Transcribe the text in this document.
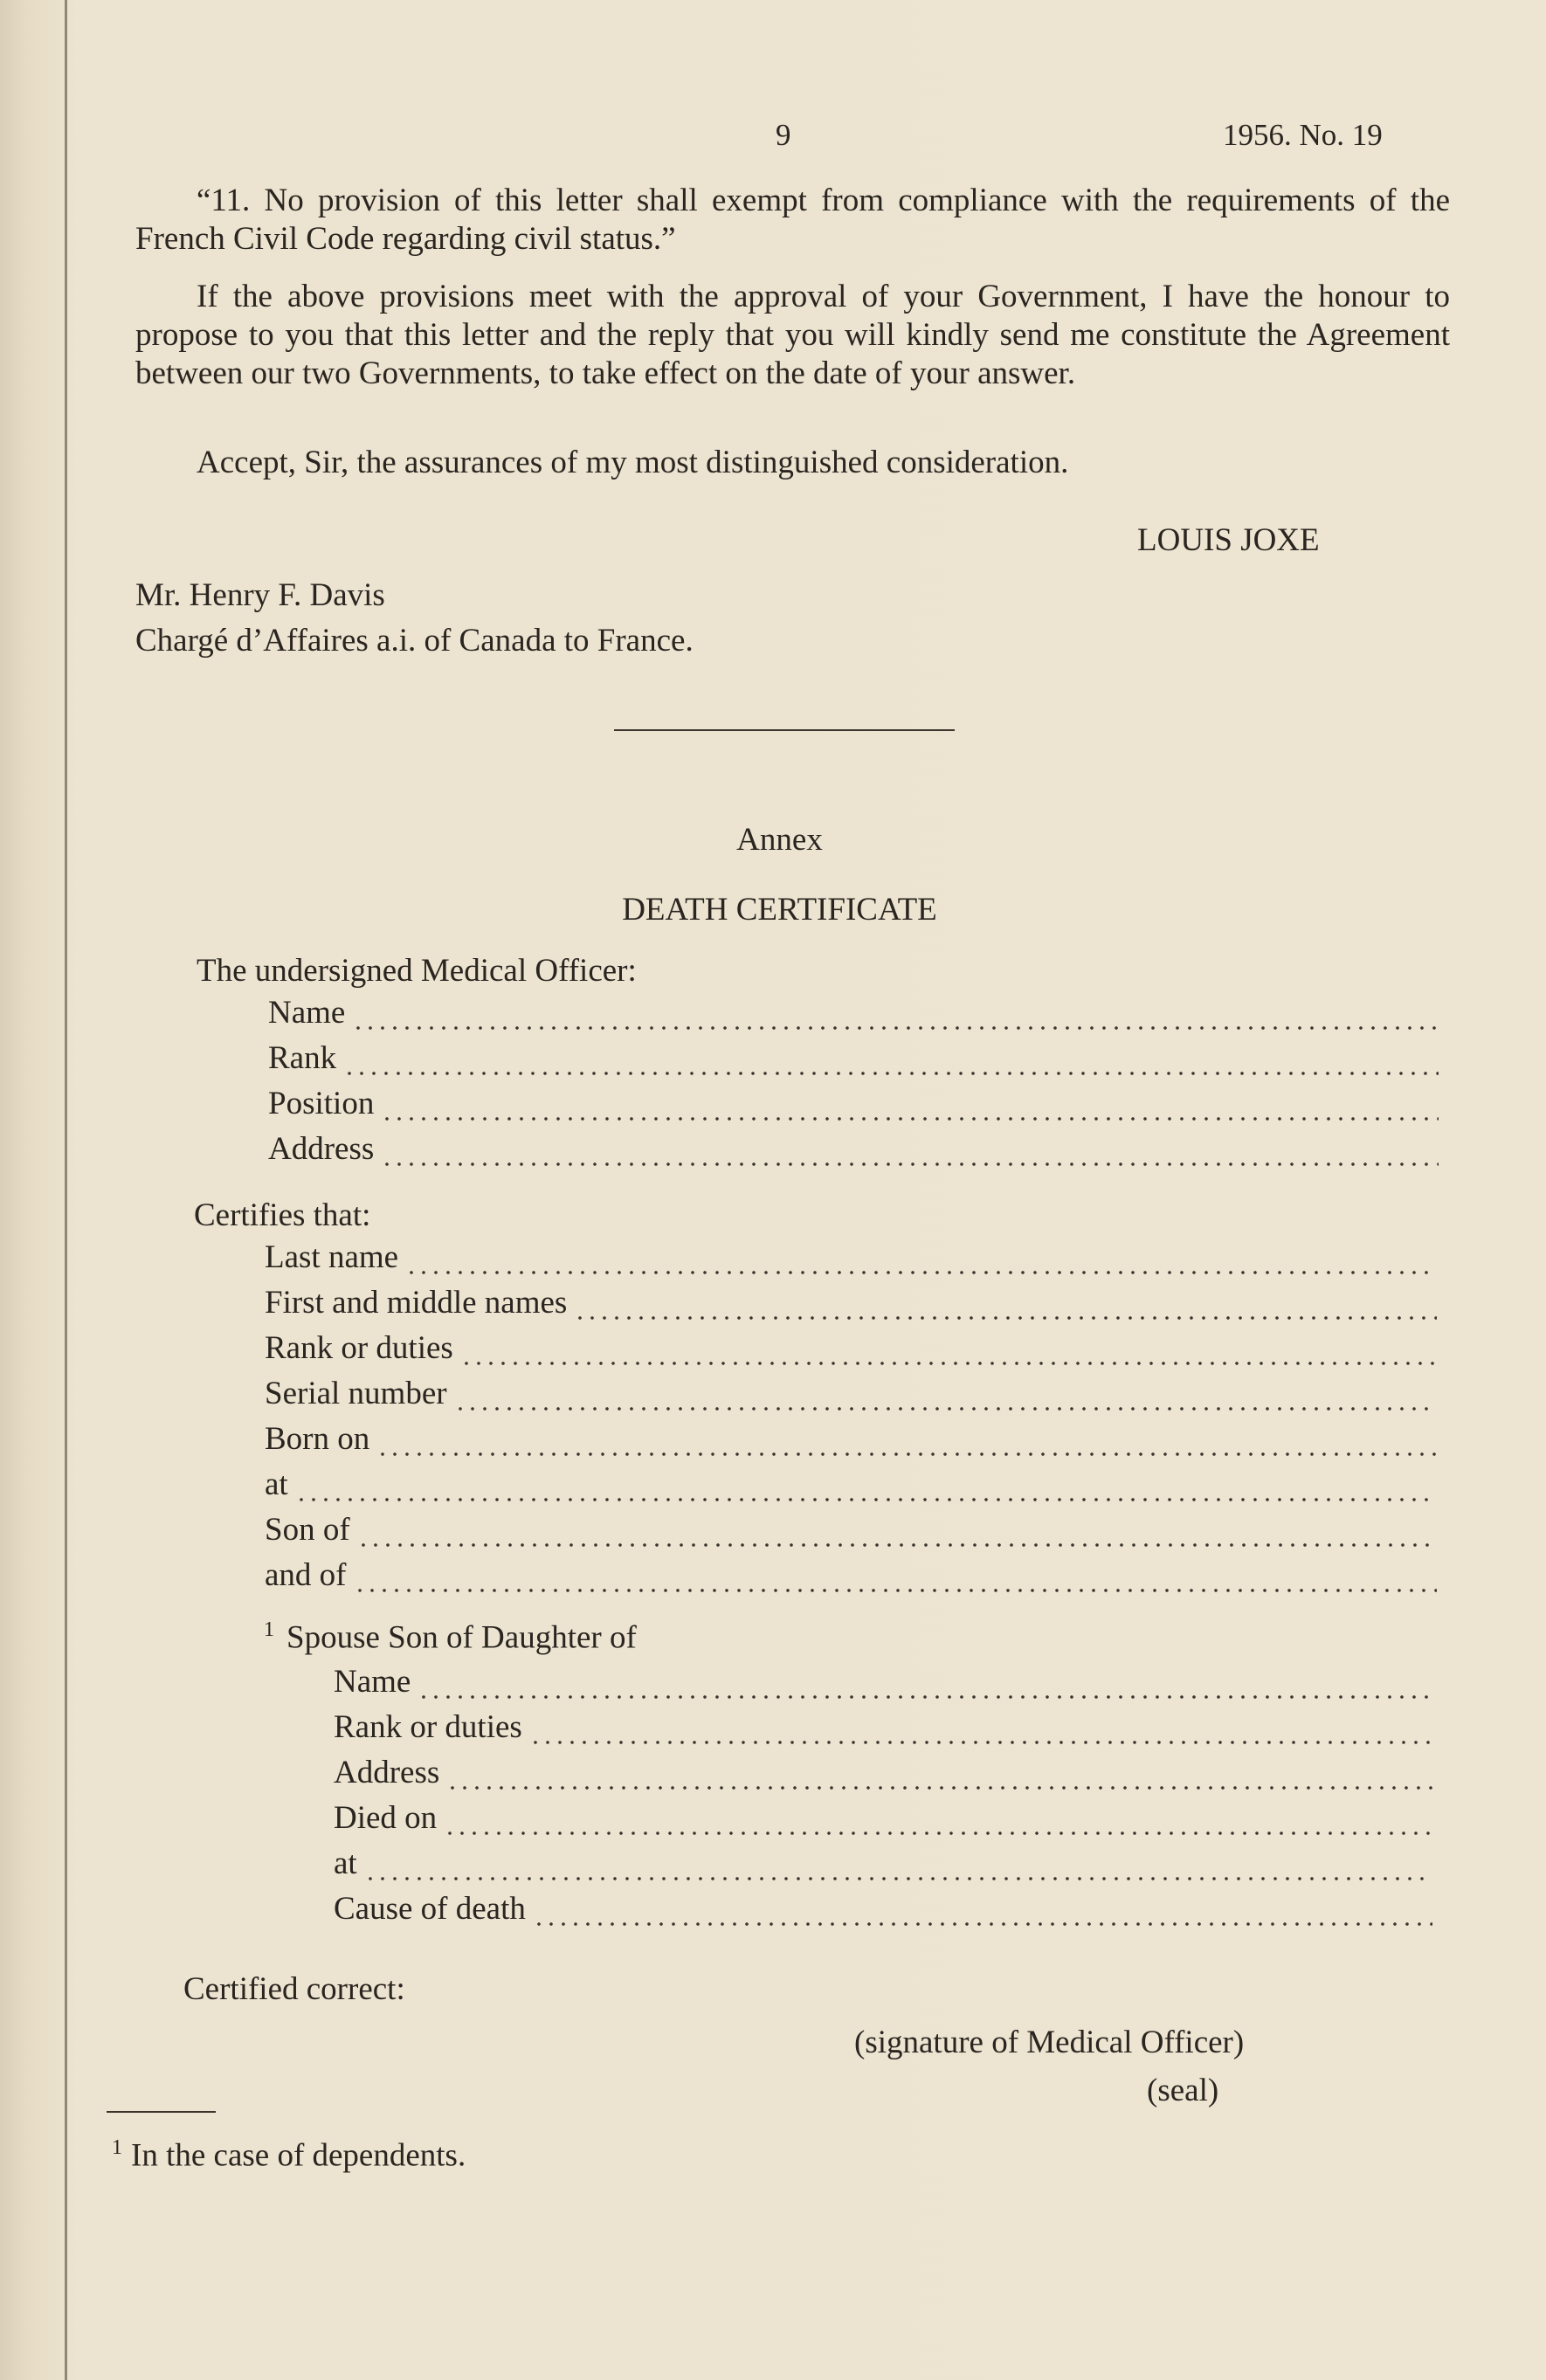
9	1956. No. 19
“11. No provision of this letter shall exempt from compliance with the requirements of the French Civil Code regarding civil status.”
If the above provisions meet with the approval of your Government, I have the honour to propose to you that this letter and the reply that you will kindly send me constitute the Agreement between our two Governments, to take effect on the date of your answer.
Accept, Sir, the assurances of my most distinguished consideration.
LOUIS JOXE
Mr. Henry F. Davis
Chargé d’Affaires a.i. of Canada to France.
Annex
DEATH CERTIFICATE
The undersigned Medical Officer:
Name
Rank
Position
Address
Certifies that:
Last name
First and middle names
Rank or duties
Serial number
Born on
at
Son of
and of
$^1$ Spouse Son of Daughter of
Name
Rank or duties
Address
Died on
at
Cause of death
Certified correct:
(signature of Medical Officer)
(seal)
$^1$ In the case of dependents.
